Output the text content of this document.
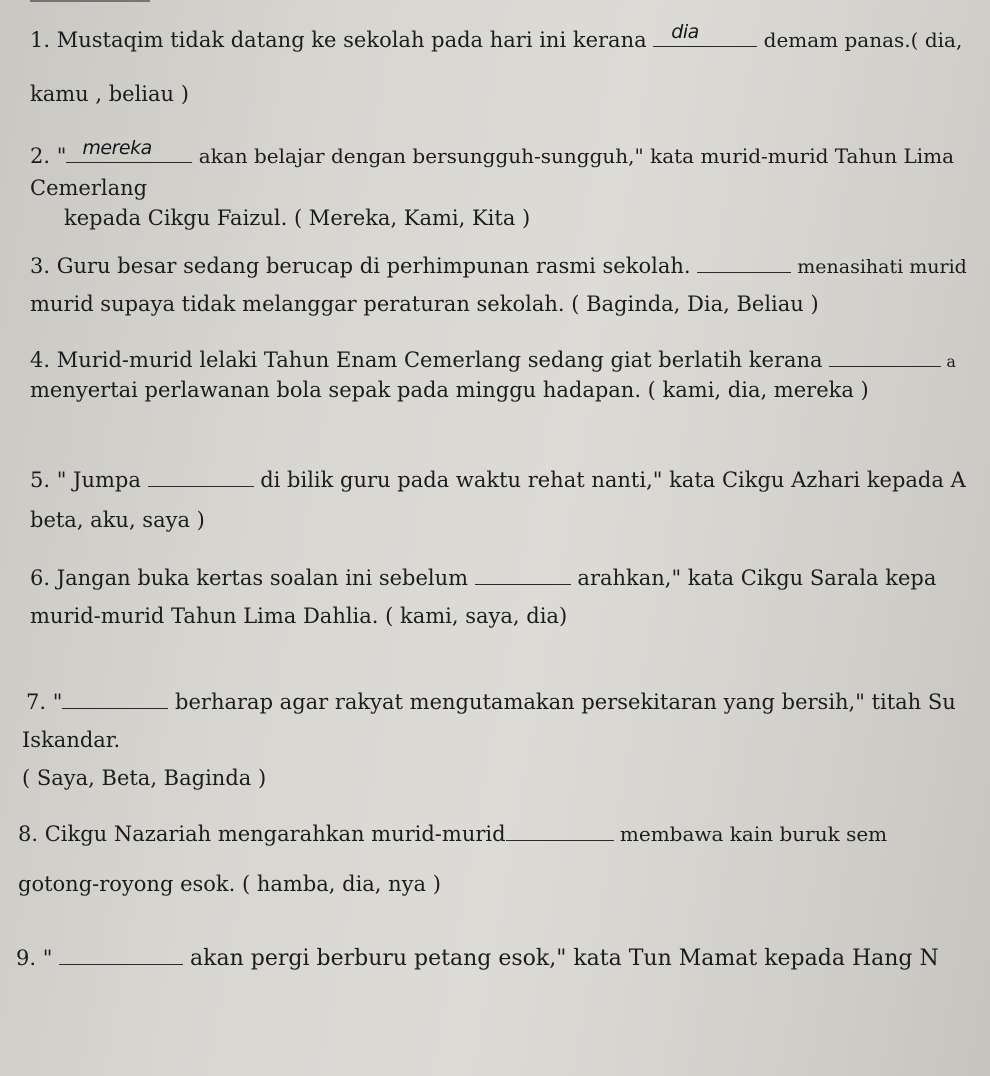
1. Mustaqim tidak datang ke sekolah pada hari ini kerana dia	demam panas.( dia,
kamu , beliau )
2. " mereka akan belajar dengan bersungguh-sungguh," kata murid-murid Tahun Lima
Cemerlang
kepada Cikgu Faizul. ( Mereka, Kami, Kita )
3. Guru besar sedang berucap di perhimpunan rasmi sekolah.	menasihati murid
murid supaya tidak melanggar peraturan sekolah. ( Baginda, Dia, Beliau )
4. Murid-murid lelaki Tahun Enam Cemerlang sedang giat berlatih kerana	a
menyertai perlawanan bola sepak pada minggu hadapan. ( kami, dia, mereka )
5. " Jumpa	di bilik guru pada waktu rehat nanti," kata Cikgu Azhari kepada A
beta, aku, saya )
6. Jangan buka kertas soalan ini sebelum	arahkan," kata Cikgu Sarala kepa
murid-murid Tahun Lima Dahlia. ( kami, saya, dia)
7. "	berharap agar rakyat mengutamakan persekitaran yang bersih," titah Su
Iskandar.
( Saya, Beta, Baginda )
8. Cikgu Nazariah mengarahkan murid-murid	membawa kain buruk sem
gotong-royong esok. ( hamba, dia, nya )
9. "	akan pergi berburu petang esok," kata Tun Mamat kepada Hang N
